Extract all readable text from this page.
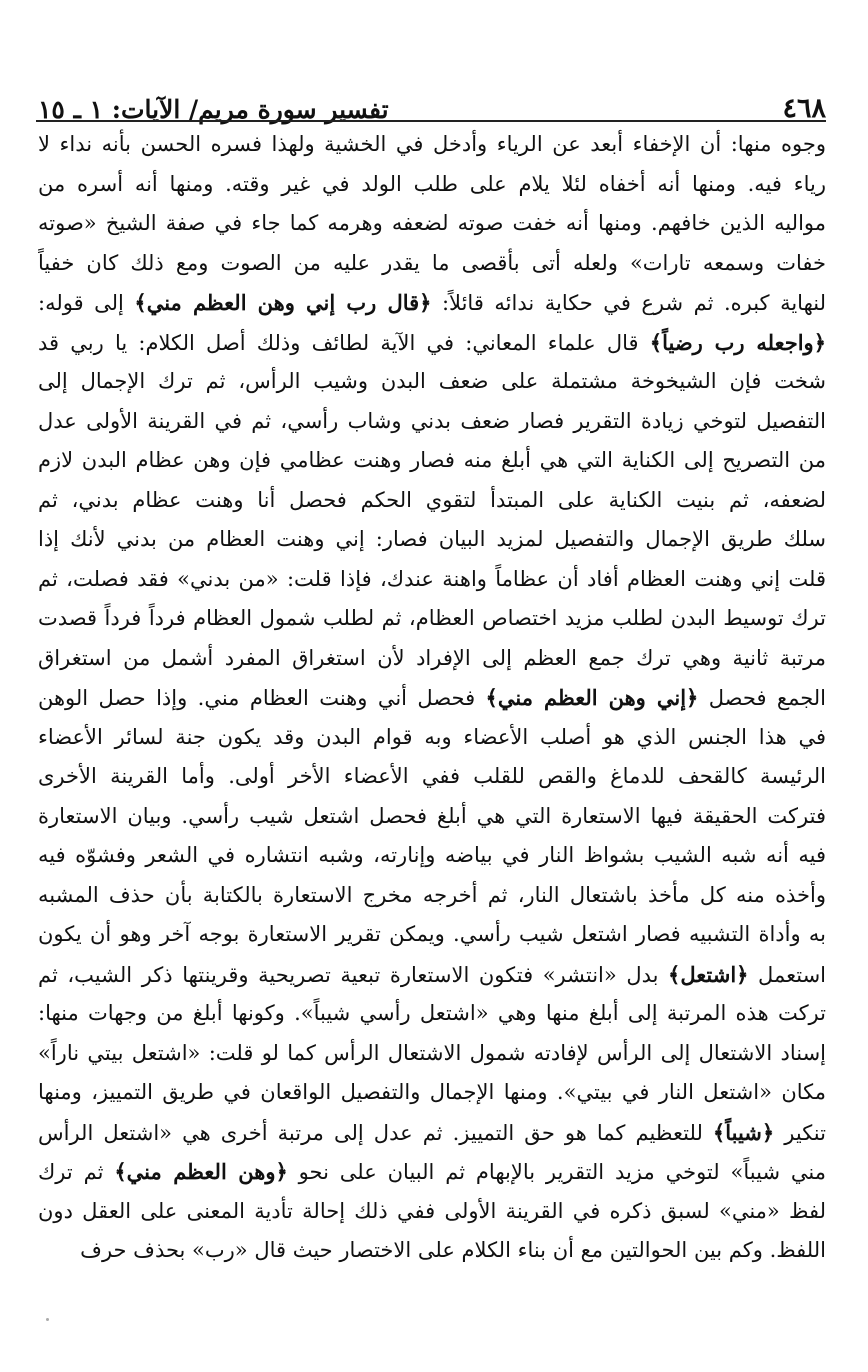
٤٦٨
تفسير سورة مريم/ الآيات: ١ ـ ١٥
وجوه منها: أن الإخفاء أبعد عن الرياء وأدخل في الخشية ولهذا فسره الحسن بأنه نداء لا
رياء فيه. ومنها أنه أخفاه لئلا يلام على طلب الولد في غير وقته. ومنها أنه أسره من
مواليه الذين خافهم. ومنها أنه خفت صوته لضعفه وهرمه كما جاء في صفة الشيخ «صوته
خفات وسمعه تارات» ولعله أتى بأقصى ما يقدر عليه من الصوت ومع ذلك كان خفياً
لنهاية كبره. ثم شرع في حكاية ندائه قائلاً: ﴿قال رب إني وهن العظم مني﴾ إلى قوله:
﴿واجعله رب رضياً﴾ قال علماء المعاني: في الآية لطائف وذلك أصل الكلام: يا ربي قد
شخت فإن الشيخوخة مشتملة على ضعف البدن وشيب الرأس، ثم ترك الإجمال إلى
التفصيل لتوخي زيادة التقرير فصار ضعف بدني وشاب رأسي، ثم في القرينة الأولى عدل
من التصريح إلى الكناية التي هي أبلغ منه فصار وهنت عظامي فإن وهن عظام البدن لازم
لضعفه، ثم بنيت الكناية على المبتدأ لتقوي الحكم فحصل أنا وهنت عظام بدني، ثم
سلك طريق الإجمال والتفصيل لمزيد البيان فصار: إني وهنت العظام من بدني لأنك إذا
قلت إني وهنت العظام أفاد أن عظاماً واهنة عندك، فإذا قلت: «من بدني» فقد فصلت، ثم
ترك توسيط البدن لطلب مزيد اختصاص العظام، ثم لطلب شمول العظام فرداً فرداً قصدت
مرتبة ثانية وهي ترك جمع العظم إلى الإفراد لأن استغراق المفرد أشمل من استغراق
الجمع فحصل ﴿إني وهن العظم مني﴾ فحصل أني وهنت العظام مني. وإذا حصل الوهن
في هذا الجنس الذي هو أصلب الأعضاء وبه قوام البدن وقد يكون جنة لسائر الأعضاء
الرئيسة كالقحف للدماغ والقص للقلب ففي الأعضاء الأخر أولى. وأما القرينة الأخرى
فتركت الحقيقة فيها الاستعارة التي هي أبلغ فحصل اشتعل شيب رأسي. وبيان الاستعارة
فيه أنه شبه الشيب بشواظ النار في بياضه وإنارته، وشبه انتشاره في الشعر وفشوّه فيه
وأخذه منه كل مأخذ باشتعال النار، ثم أخرجه مخرج الاستعارة بالكتابة بأن حذف المشبه
به وأداة التشبيه فصار اشتعل شيب رأسي. ويمكن تقرير الاستعارة بوجه آخر وهو أن يكون
استعمل ﴿اشتعل﴾ بدل «انتشر» فتكون الاستعارة تبعية تصريحية وقرينتها ذكر الشيب، ثم
تركت هذه المرتبة إلى أبلغ منها وهي «اشتعل رأسي شيباً». وكونها أبلغ من وجهات منها:
إسناد الاشتعال إلى الرأس لإفادته شمول الاشتعال الرأس كما لو قلت: «اشتعل بيتي ناراً»
مكان «اشتعل النار في بيتي». ومنها الإجمال والتفصيل الواقعان في طريق التمييز، ومنها
تنكير ﴿شيباً﴾ للتعظيم كما هو حق التمييز. ثم عدل إلى مرتبة أخرى هي «اشتعل الرأس
مني شيباً» لتوخي مزيد التقرير بالإبهام ثم البيان على نحو ﴿وهن العظم مني﴾ ثم ترك
لفظ «مني» لسبق ذكره في القرينة الأولى ففي ذلك إحالة تأدية المعنى على العقل دون
اللفظ. وكم بين الحوالتين مع أن بناء الكلام على الاختصار حيث قال «رب» بحذف حرف
